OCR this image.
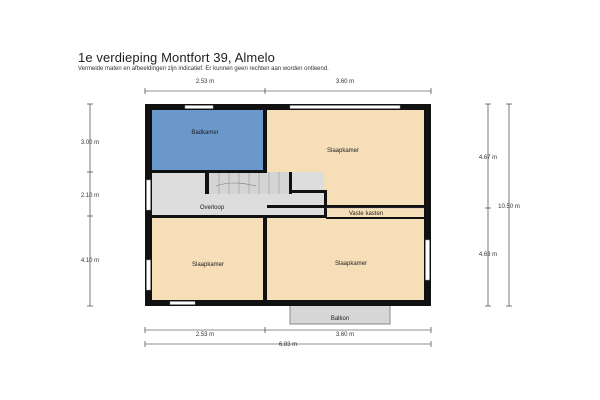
1e verdieping Montfort 39, Almelo
Vermelde maten en afbeeldingen zijn indicatief. Er kunnen geen rechten aan worden ontleend.
Badkamer
Slaapkamer
Overloop
Vaste kasten
Slaapkamer	Slaapkamer
Balkon
2.53 m	3.60 m
2.53 m	3.60 m
6.83 m
3.00 m
2.10 m
4.10 m
4.67 m
4.63 m
10.50 m
